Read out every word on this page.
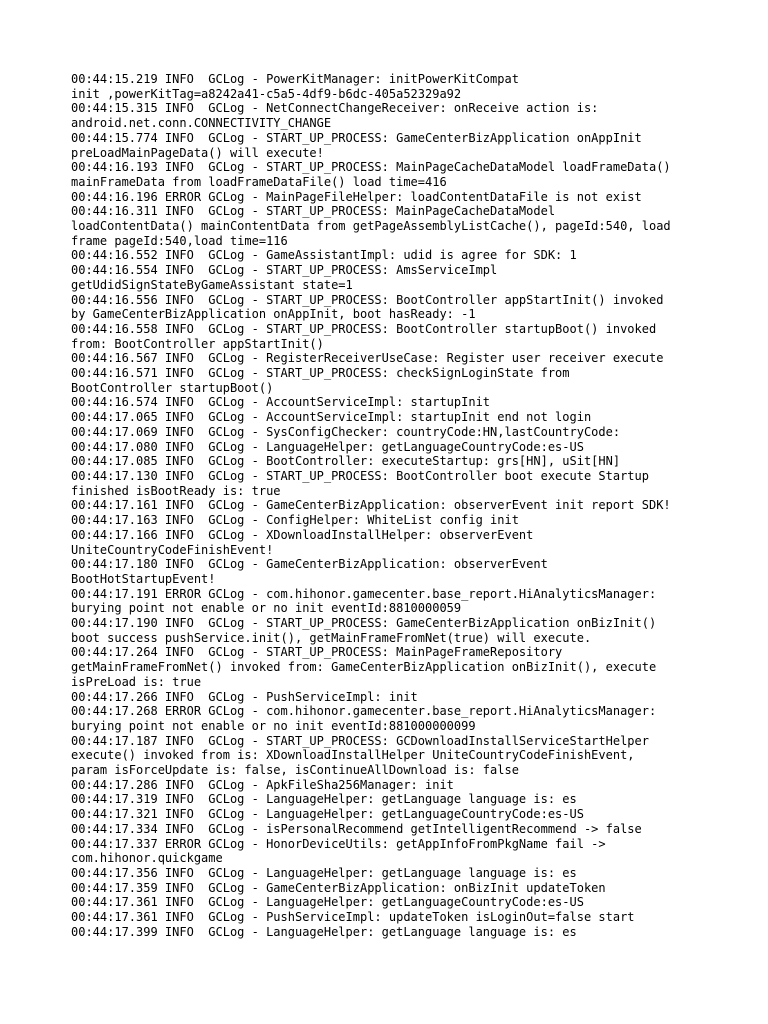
00:44:15.219 INFO  GCLog - PowerKitManager: initPowerKitCompat
init ,powerKitTag=a8242a41-c5a5-4df9-b6dc-405a52329a92
00:44:15.315 INFO  GCLog - NetConnectChangeReceiver: onReceive action is:
android.net.conn.CONNECTIVITY_CHANGE
00:44:15.774 INFO  GCLog - START_UP_PROCESS: GameCenterBizApplication onAppInit
preLoadMainPageData() will execute!
00:44:16.193 INFO  GCLog - START_UP_PROCESS: MainPageCacheDataModel loadFrameData()
mainFrameData from loadFrameDataFile() load time=416
00:44:16.196 ERROR GCLog - MainPageFileHelper: loadContentDataFile is not exist
00:44:16.311 INFO  GCLog - START_UP_PROCESS: MainPageCacheDataModel
loadContentData() mainContentData from getPageAssemblyListCache(), pageId:540, load
frame pageId:540,load time=116
00:44:16.552 INFO  GCLog - GameAssistantImpl: udid is agree for SDK: 1
00:44:16.554 INFO  GCLog - START_UP_PROCESS: AmsServiceImpl
getUdidSignStateByGameAssistant state=1
00:44:16.556 INFO  GCLog - START_UP_PROCESS: BootController appStartInit() invoked
by GameCenterBizApplication onAppInit, boot hasReady: -1
00:44:16.558 INFO  GCLog - START_UP_PROCESS: BootController startupBoot() invoked
from: BootController appStartInit()
00:44:16.567 INFO  GCLog - RegisterReceiverUseCase: Register user receiver execute
00:44:16.571 INFO  GCLog - START_UP_PROCESS: checkSignLoginState from
BootController startupBoot()
00:44:16.574 INFO  GCLog - AccountServiceImpl: startupInit
00:44:17.065 INFO  GCLog - AccountServiceImpl: startupInit end not login
00:44:17.069 INFO  GCLog - SysConfigChecker: countryCode:HN,lastCountryCode:
00:44:17.080 INFO  GCLog - LanguageHelper: getLanguageCountryCode:es-US
00:44:17.085 INFO  GCLog - BootController: executeStartup: grs[HN], uSit[HN]
00:44:17.130 INFO  GCLog - START_UP_PROCESS: BootController boot execute Startup
finished isBootReady is: true
00:44:17.161 INFO  GCLog - GameCenterBizApplication: observerEvent init report SDK!
00:44:17.163 INFO  GCLog - ConfigHelper: WhiteList config init
00:44:17.166 INFO  GCLog - XDownloadInstallHelper: observerEvent
UniteCountryCodeFinishEvent!
00:44:17.180 INFO  GCLog - GameCenterBizApplication: observerEvent
BootHotStartupEvent!
00:44:17.191 ERROR GCLog - com.hihonor.gamecenter.base_report.HiAnalyticsManager:
burying point not enable or no init eventId:8810000059
00:44:17.190 INFO  GCLog - START_UP_PROCESS: GameCenterBizApplication onBizInit()
boot success pushService.init(), getMainFrameFromNet(true) will execute.
00:44:17.264 INFO  GCLog - START_UP_PROCESS: MainPageFrameRepository
getMainFrameFromNet() invoked from: GameCenterBizApplication onBizInit(), execute
isPreLoad is: true
00:44:17.266 INFO  GCLog - PushServiceImpl: init
00:44:17.268 ERROR GCLog - com.hihonor.gamecenter.base_report.HiAnalyticsManager:
burying point not enable or no init eventId:881000000099
00:44:17.187 INFO  GCLog - START_UP_PROCESS: GCDownloadInstallServiceStartHelper
execute() invoked from is: XDownloadInstallHelper UniteCountryCodeFinishEvent,
param isForceUpdate is: false, isContinueAllDownload is: false
00:44:17.286 INFO  GCLog - ApkFileSha256Manager: init
00:44:17.319 INFO  GCLog - LanguageHelper: getLanguage language is: es
00:44:17.321 INFO  GCLog - LanguageHelper: getLanguageCountryCode:es-US
00:44:17.334 INFO  GCLog - isPersonalRecommend getIntelligentRecommend -> false
00:44:17.337 ERROR GCLog - HonorDeviceUtils: getAppInfoFromPkgName fail ->
com.hihonor.quickgame
00:44:17.356 INFO  GCLog - LanguageHelper: getLanguage language is: es
00:44:17.359 INFO  GCLog - GameCenterBizApplication: onBizInit updateToken
00:44:17.361 INFO  GCLog - LanguageHelper: getLanguageCountryCode:es-US
00:44:17.361 INFO  GCLog - PushServiceImpl: updateToken isLoginOut=false start
00:44:17.399 INFO  GCLog - LanguageHelper: getLanguage language is: es
